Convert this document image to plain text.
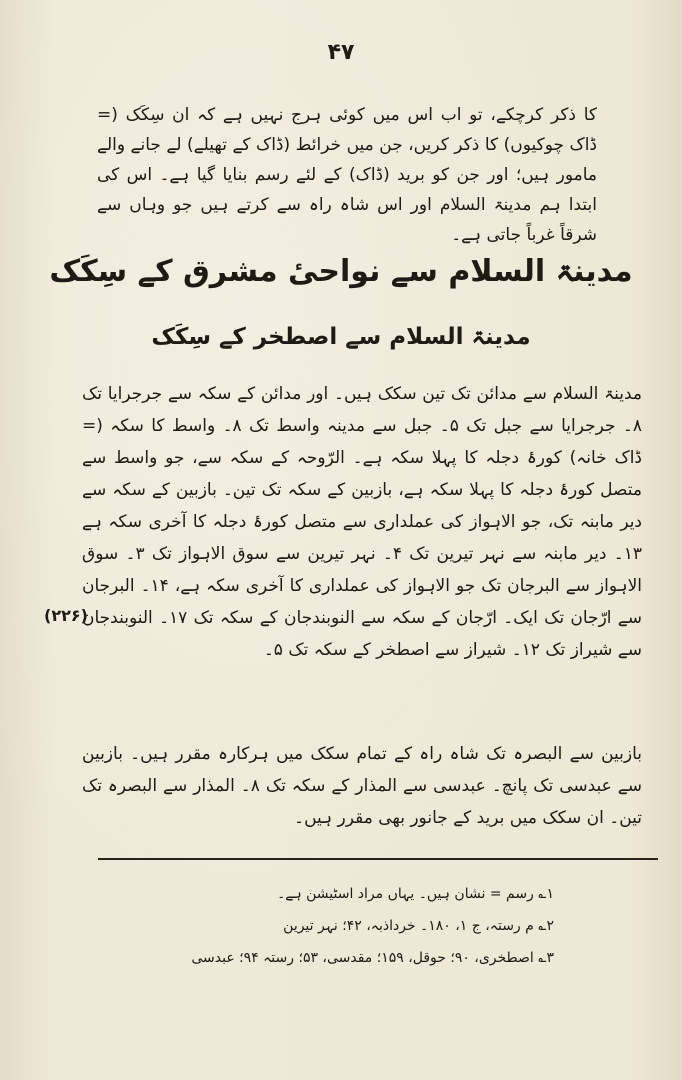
۴۷

کا ذکر کرچکے، تو اب اس میں کوئی ہرج نہیں ہے کہ ان سِکَک (= ڈاک چوکیوں) کا ذکر کریں، جن میں خرائط (ڈاک کے تھیلے) لے جانے والے مامور ہیں؛ اور جن کو برید (ڈاک) کے لئے رسم بنایا گیا ہے۔ اس کی ابتدا ہم مدینۃ السلام اور اس شاہ راہ سے کرتے ہیں جو وہاں سے شرقاً غرباً جاتی ہے۔

مدینۃ السلام سے نواحیٔ مشرق کے سِکَک
مدینۃ السلام سے اصطخر کے سِکَک

مدینۃ السلام سے مدائن تک تین سکک ہیں۔ اور مدائن کے سکہ سے جرجرایا تک ۸۔ جرجرایا سے جبل تک ۵۔ جبل سے مدینہ واسط تک ۸۔ واسط کا سکہ (= ڈاک خانہ) کورۂ دجلہ کا پہلا سکہ ہے۔ الرّوحہ کے سکہ سے، جو واسط سے متصل کورۂ دجلہ کا پہلا سکہ ہے، بازبین کے سکہ تک تین۔ بازبین کے سکہ سے دیر مابنہ تک، جو الاہواز کی عملداری سے متصل کورۂ دجلہ کا آخری سکہ ہے ۱۳۔ دیر مابنہ سے نہر تیرین تک ۴۔ نہر تیرین سے سوق الاہواز تک ۳۔ سوق الاہواز سے البرجان تک جو الاہواز کی عملداری کا آخری سکہ ہے، ۱۴۔ البرجان سے ارّجان تک ایک۔ ارّجان کے سکہ سے النوبندجان کے سکہ تک ۱۷۔ النوبندجان سے شیراز تک ۱۲۔ شیراز سے اصطخر کے سکہ تک ۵۔

(۲۲۶)

بازبین سے البصرہ تک شاہ راہ کے تمام سکک میں ہرکارہ مقرر ہیں۔ بازبین سے عبدسی تک پانچ۔ عبدسی سے المذار کے سکہ تک ۸۔ المذار سے البصرہ تک تین۔ ان سکک میں برید کے جانور بھی مقرر ہیں۔

۱؎ رسم = نشان ہیں۔ یہاں مراد اسٹیشن ہے۔

۲؎ م رستہ، ج ۱، ۱۸۰۔ خرداذبہ، ۴۲؛ نہر تیرین

۳؎ اصطخری، ۹۰؛ حوقل، ۱۵۹؛ مقدسی، ۵۳؛ رستہ ۹۴؛ عبدسی
